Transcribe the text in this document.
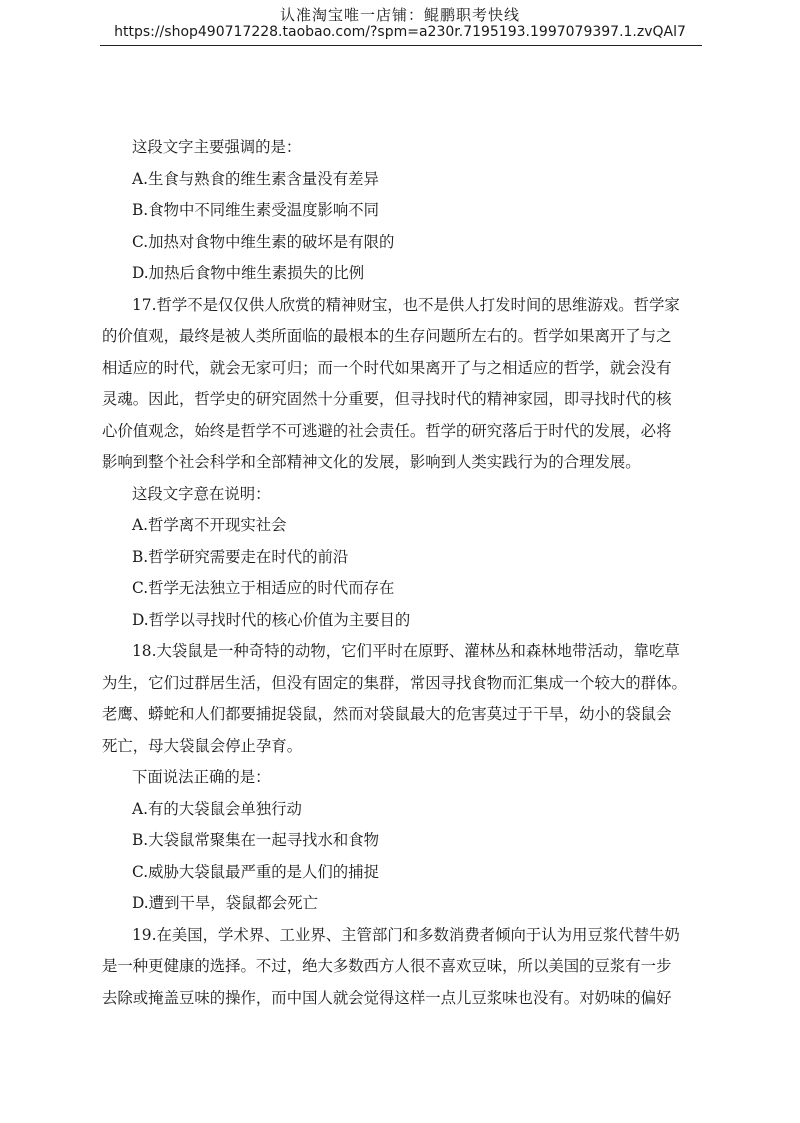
认准淘宝唯一店铺：鲲鹏职考快线
https://shop490717228.taobao.com/?spm=a230r.7195193.1997079397.1.zvQAl7

这段文字主要强调的是：

A.生食与熟食的维生素含量没有差异

B.食物中不同维生素受温度影响不同

C.加热对食物中维生素的破坏是有限的

D.加热后食物中维生素损失的比例

17.哲学不是仅仅供人欣赏的精神财宝，也不是供人打发时间的思维游戏。哲学家

的价值观，最终是被人类所面临的最根本的生存问题所左右的。哲学如果离开了与之

相适应的时代，就会无家可归；而一个时代如果离开了与之相适应的哲学，就会没有

灵魂。因此，哲学史的研究固然十分重要，但寻找时代的精神家园，即寻找时代的核

心价值观念，始终是哲学不可逃避的社会责任。哲学的研究落后于时代的发展，必将

影响到整个社会科学和全部精神文化的发展，影响到人类实践行为的合理发展。

这段文字意在说明：

A.哲学离不开现实社会

B.哲学研究需要走在时代的前沿

C.哲学无法独立于相适应的时代而存在

D.哲学以寻找时代的核心价值为主要目的

18.大袋鼠是一种奇特的动物，它们平时在原野、灌林丛和森林地带活动，靠吃草

为生，它们过群居生活，但没有固定的集群，常因寻找食物而汇集成一个较大的群体。

老鹰、蟒蛇和人们都要捕捉袋鼠，然而对袋鼠最大的危害莫过于干旱，幼小的袋鼠会

死亡，母大袋鼠会停止孕育。

下面说法正确的是：

A.有的大袋鼠会单独行动

B.大袋鼠常聚集在一起寻找水和食物

C.威胁大袋鼠最严重的是人们的捕捉

D.遭到干旱，袋鼠都会死亡

19.在美国，学术界、工业界、主管部门和多数消费者倾向于认为用豆浆代替牛奶

是一种更健康的选择。不过，绝大多数西方人很不喜欢豆味，所以美国的豆浆有一步

去除或掩盖豆味的操作，而中国人就会觉得这样一点儿豆浆味也没有。对奶味的偏好
